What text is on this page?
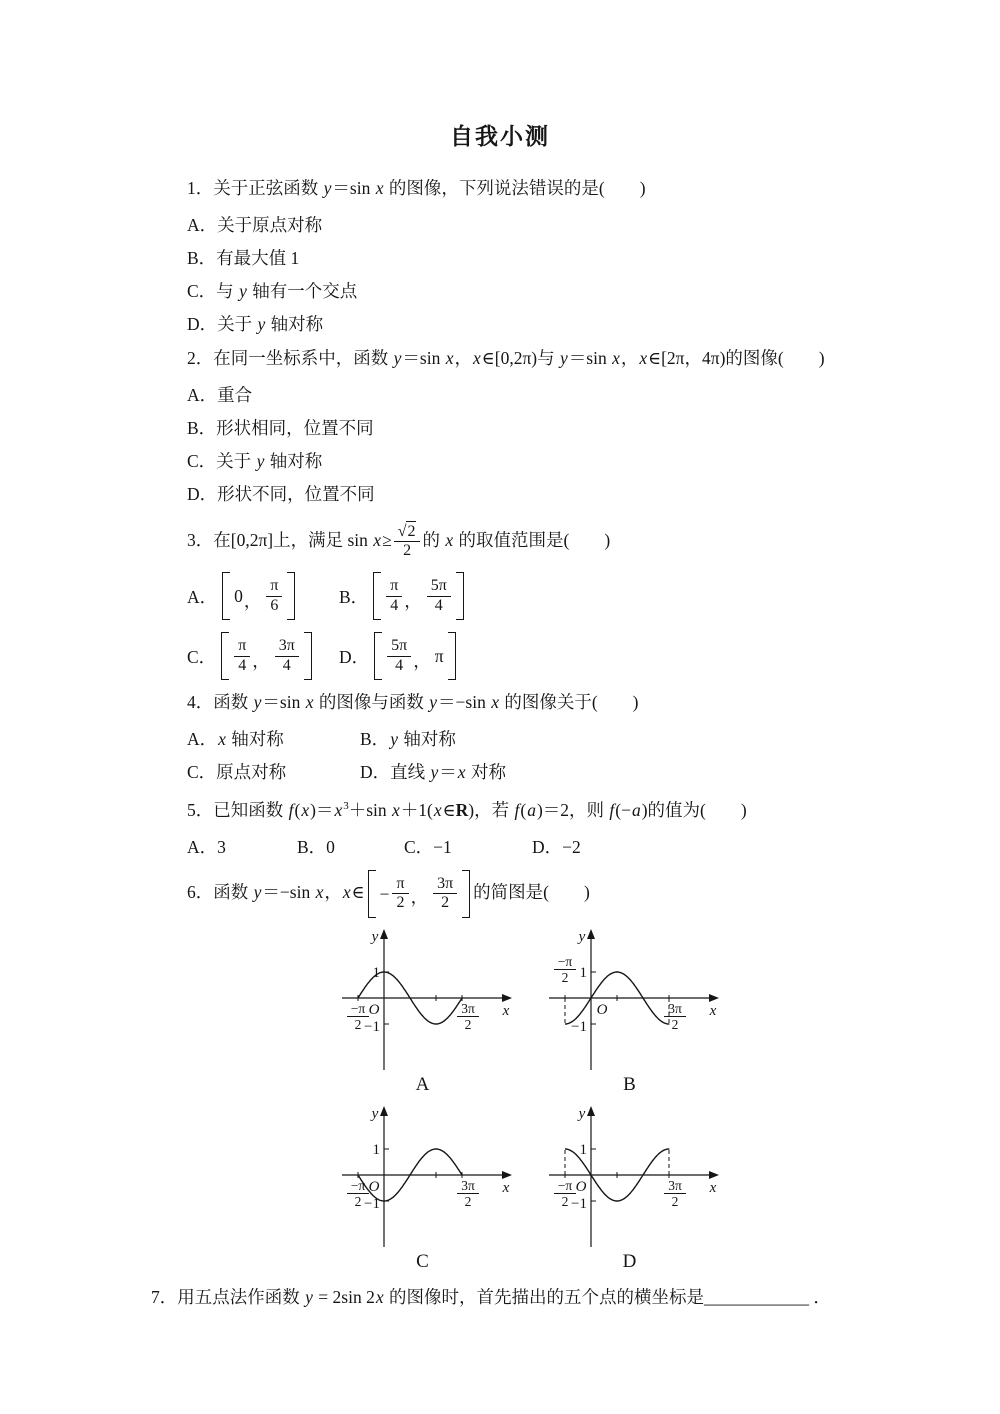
自我小测

1．关于正弦函数 y＝sin x 的图像，下列说法错误的是(　　)

A．关于原点对称

B．有最大值 1

C．与 y 轴有一个交点

D．关于 y 轴对称

2．在同一坐标系中，函数 y＝sin x，x∈[0,2π)与 y＝sin x，x∈[2π，4π)的图像(　　)

A．重合

B．形状相同，位置不同

C．关于 y 轴对称

D．形状不同，位置不同

3．在[0,2π]上，满足 $\sin x\ge \frac{√2}{2}$ 的 x 的取值范围是(　　)

A． 0 ， $\frac{\pi}{6}$	B． $\frac{\pi}{4}$ ， $\frac{5\pi}{4}$
C． $\frac{\pi}{4}$ ， $\frac{3\pi}{4}$ D． $\frac{5\pi}{4}$ ， π

4．函数 y＝sin x 的图像与函数 y＝−sin x 的图像关于(　　)

A．x 轴对称	B．y 轴对称

C．原点对称	D．直线 y＝x 对称

5．已知函数 $f(x)=x^3+\sin$ x＋1(x∈R)，若 f(a)＝2，则 f(−a)的值为(　　)

A．3	B．0	C．−1	D．−2

6．函数 y＝−sin x，x∈ − $\frac{\pi}{2}$ ， $\frac{3\pi}{2}$ 的简图是(　　)

y
x
O
1
−1
−π
2
3π
2
A
y
x
O
1
−1
−π
2
3π
2
B
y
x
O
1
−1
−π
2
3π
2
C
y
x
O
1
−1
−π
2
3π
2
D

7．用五点法作函数 y = 2sin 2x 的图像时，首先描出的五个点的横坐标是____________ ．
